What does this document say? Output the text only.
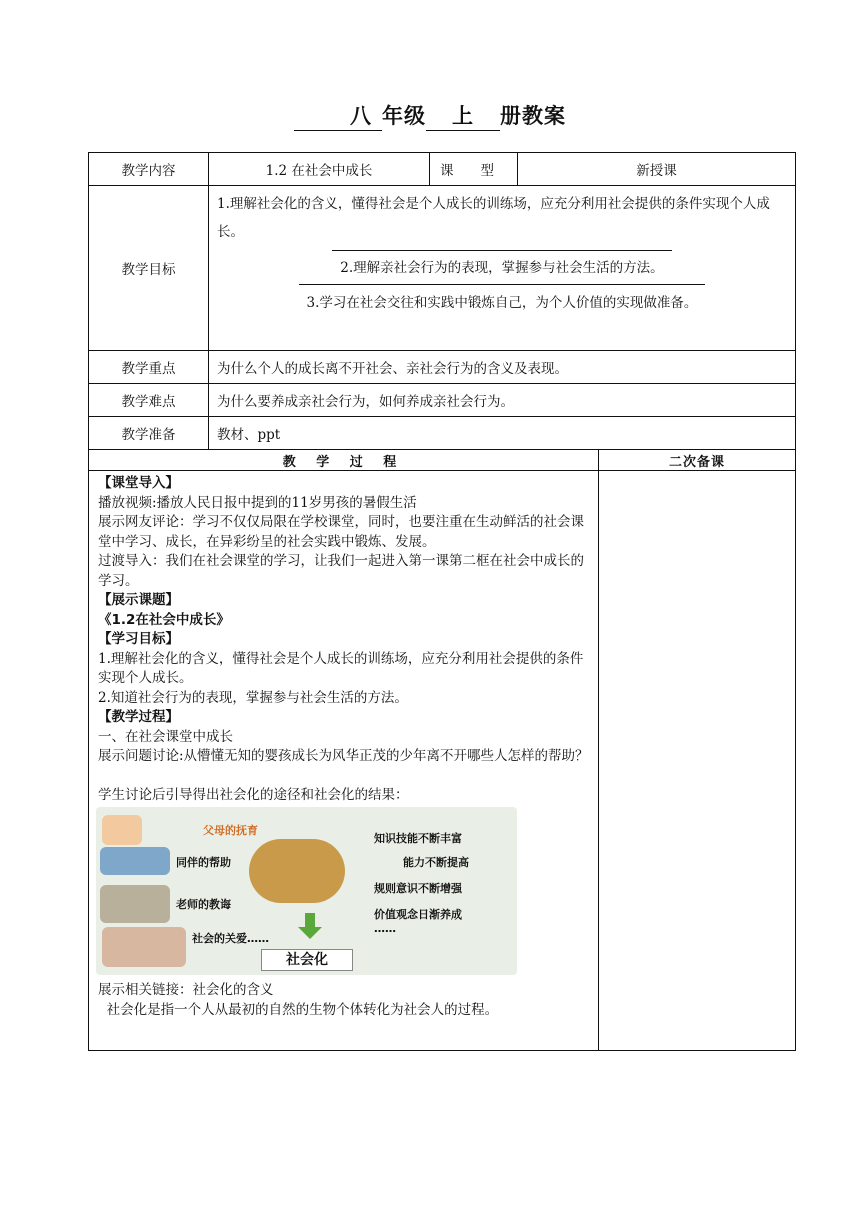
八 年级 上 册教案
教学内容	1.2 在社会中成长	课　　型	新授课
教学目标
1.理解社会化的含义，懂得社会是个人成长的训练场，应充分利用社会提供的条件实现个人成长。
2.理解亲社会行为的表现，掌握参与社会生活的方法。
3.学习在社会交往和实践中锻炼自己，为个人价值的实现做准备。
教学重点	为什么个人的成长离不开社会、亲社会行为的含义及表现。
教学难点	为什么要养成亲社会行为，如何养成亲社会行为。
教学准备	教材、ppt
教 学 过 程	二次备课

【课堂导入】

播放视频:播放人民日报中提到的11岁男孩的暑假生活

展示网友评论：学习不仅仅局限在学校课堂，同时，也要注重在生动鲜活的社会课堂中学习、成长，在异彩纷呈的社会实践中锻炼、发展。

过渡导入：我们在社会课堂的学习，让我们一起进入第一课第二框在社会中成长的学习。

【展示课题】

《1.2在社会中成长》

【学习目标】

1.理解社会化的含义，懂得社会是个人成长的训练场，应充分利用社会提供的条件实现个人成长。

2.知道社会行为的表现，掌握参与社会生活的方法。

【教学过程】

一、在社会课堂中成长

展示问题讨论:从懵懂无知的婴孩成长为风华正茂的少年离不开哪些人怎样的帮助？

学生讨论后引导得出社会化的途径和社会化的结果：

父母的抚育
同伴的帮助
老师的教诲
社会的关爱……
社会化
知识技能不断丰富
能力不断提高
规则意识不断增强
价值观念日渐养成
……

展示相关链接：社会化的含义

社会化是指一个人从最初的自然的生物个体转化为社会人的过程。
